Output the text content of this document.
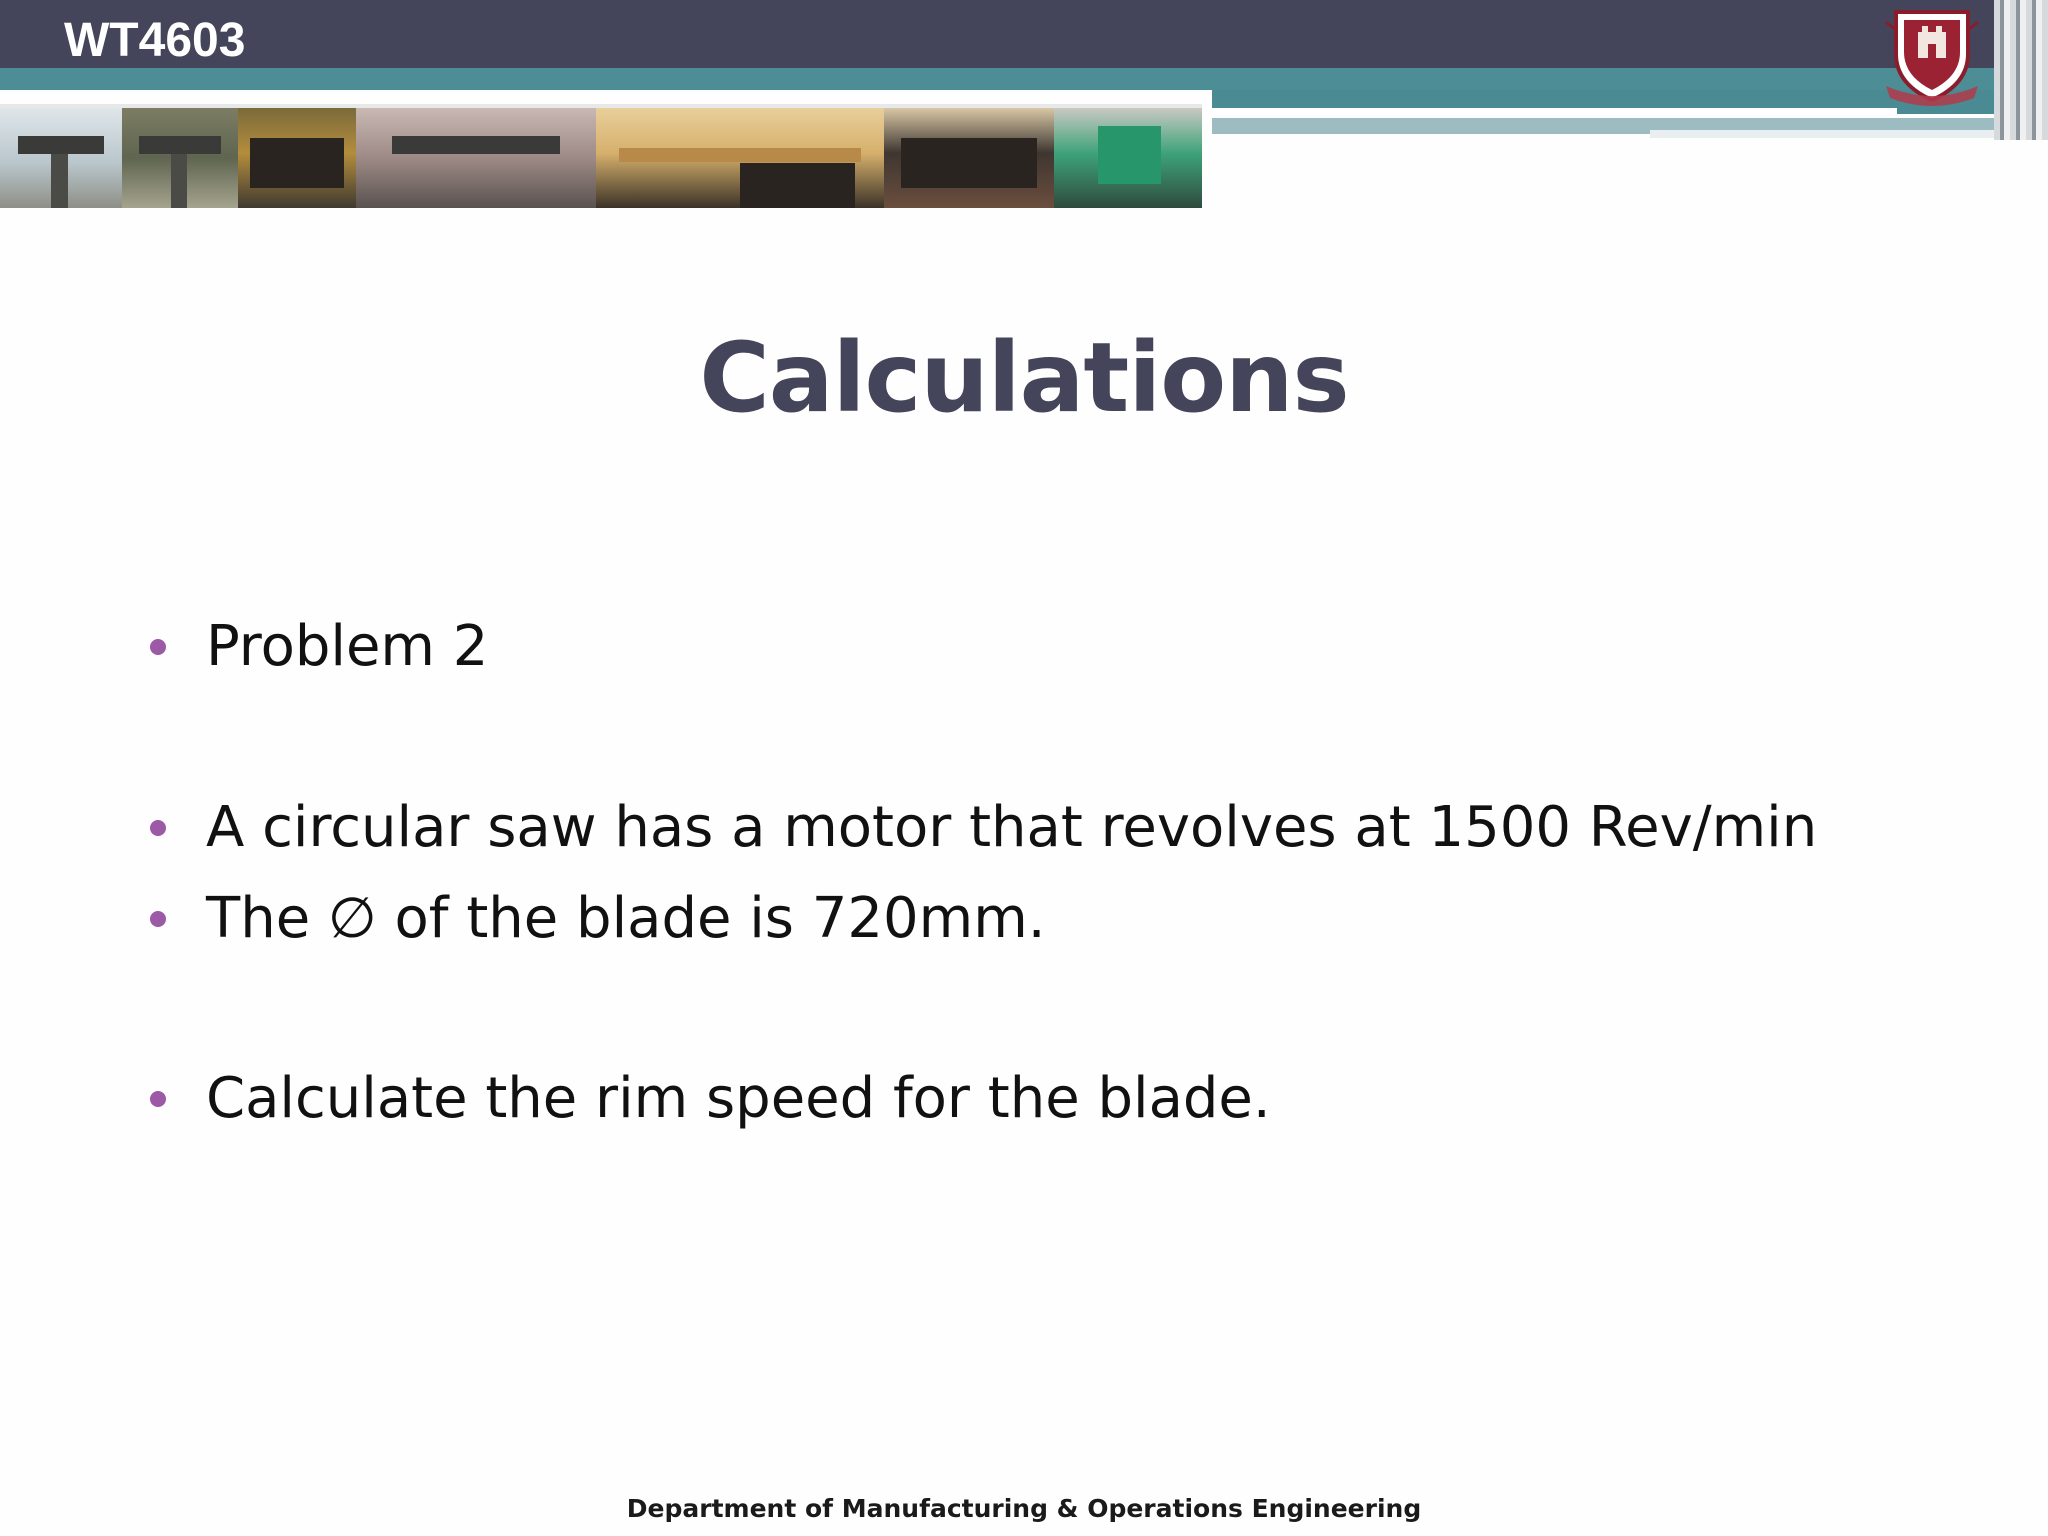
WT4603
Calculations
Problem 2
A circular saw has a motor that revolves at 1500 Rev/min
The ∅ of the blade is 720mm.
Calculate the rim speed for the blade.
Department of Manufacturing & Operations Engineering
